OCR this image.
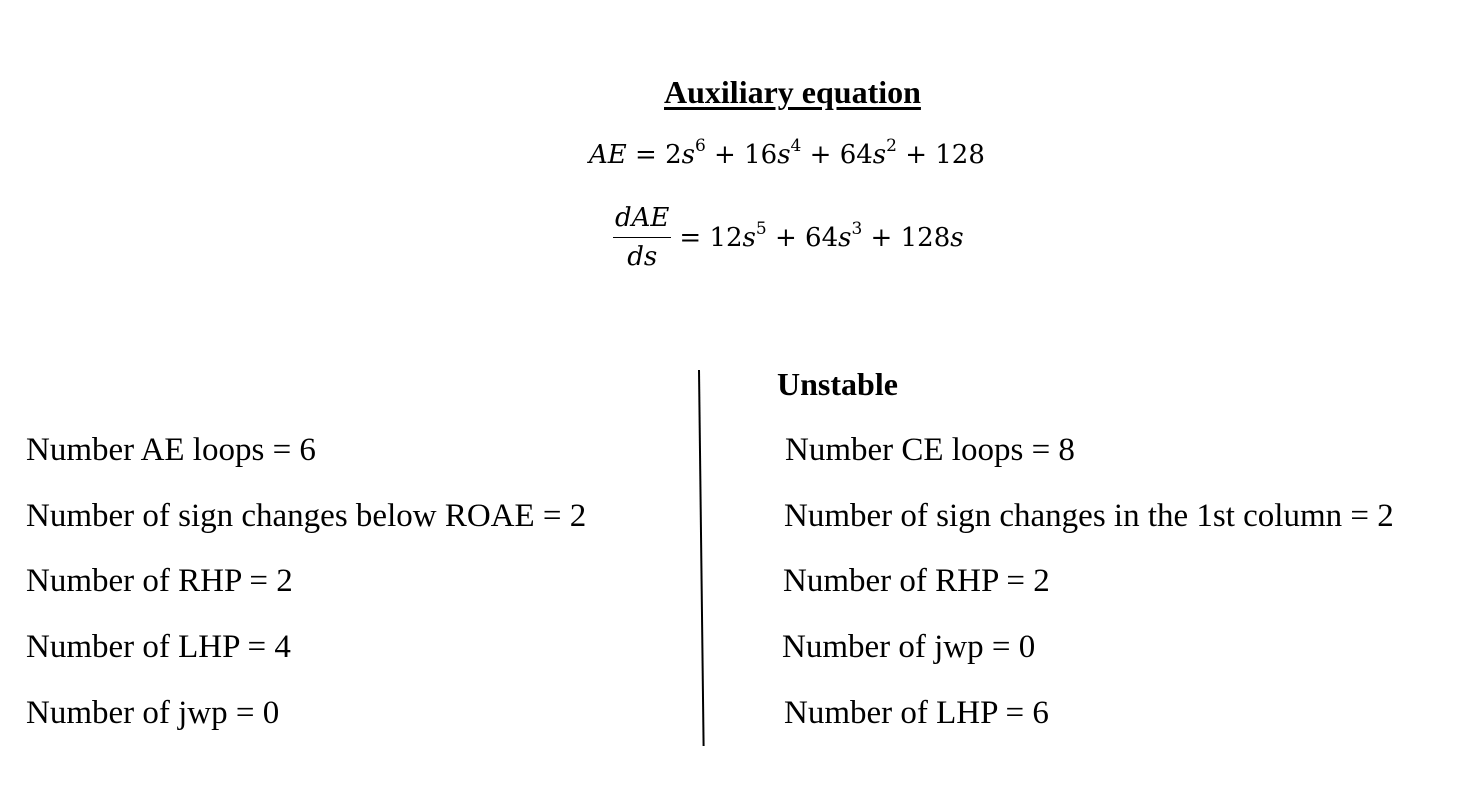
Auxiliary equation
AE = $2s^6 + 16s^4 + 64s^2 + 128$
$\frac{\text{dAE}}{ds} = 12s^5 + 64s^3 + 128s$
Unstable
Number AE loops = 6
Number of sign changes below ROAE = 2
Number of RHP = 2
Number of LHP = 4
Number of jwp = 0
Number CE loops = 8
Number of sign changes in the 1st column = 2
Number of RHP = 2
Number of jwp = 0
Number of LHP = 6
